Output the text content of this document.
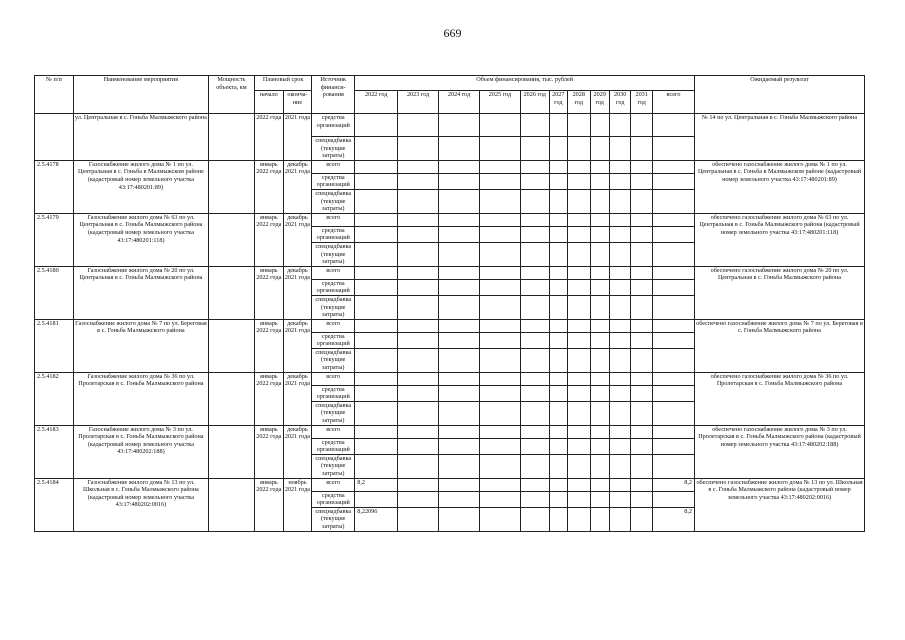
669
№ п/п	Наименование мероприятия	Мощность объекта, км	Плановый срок		Источник финанси- рования	Объем финансирования, тыс. рублей											Ожидаемый результат
			начало	оконча- ние		2022 год	2023 год	2024 год	2025 год	2026 год	2027 год	2028 год	2029 год	2030 год	2031 год	всего	
	ул. Центральная в с. Гоньба Малмыжского района		2022 года	2021 года	средства организаций												№ 14 по ул. Центральная в с. Гоньба Малмыжского района
					спецнадбавка (текущие затраты)												
2.5.4178	Газоснабжение жилого дома № 1 по ул. Центральная в с. Гоньба в Малмыжском районе (кадастровый номер земельного участка 43:17:480201:89)		январь 2022 года	декабрь 2021 года	всего												обеспечено газоснабжение жилого дома № 1 по ул. Центральная в с. Гоньба в Малмыжском районе (кадастровый номер земельного участка 43:17:480201:89)
					средства организаций												
					спецнадбавка (текущие затраты)												
2.5.4179	Газоснабжение жилого дома № 63 по ул. Центральная в с. Гоньба Малмыжского района (кадастровый номер земельного участка 43:17:480201:118)		январь 2022 года	декабрь 2021 года	всего												обеспечено газоснабжение жилого дома № 63 по ул. Центральная в с. Гоньба Малмыжского района (кадастровый номер земельного участка 43:17:480201:118)
					средства организаций												
					спецнадбавка (текущие затраты)												
2.5.4180	Газоснабжение жилого дома № 20 по ул. Центральная в с. Гоньба Малмыжского района		январь 2022 года	декабрь 2021 года	всего												обеспечено газоснабжение жилого дома № 20 по ул. Центральная в с. Гоньба Малмыжского района
					средства организаций												
					спецнадбавка (текущие затраты)												
2.5.4181	Газоснабжение жилого дома № 7 по ул. Береговая в с. Гоньба Малмыжского района		январь 2022 года	декабрь 2021 года	всего												обеспечено газоснабжение жилого дома № 7 по ул. Береговая в с. Гоньба Малмыжского района
					средства организаций												
					спецнадбавка (текущие затраты)												
2.5.4182	Газоснабжение жилого дома № 36 по ул. Пролетарская в с. Гоньба Малмыжского района		январь 2022 года	декабрь 2021 года	всего												обеспечено газоснабжение жилого дома № 36 по ул. Пролетарская в с. Гоньба Малмыжского района
					средства организаций												
					спецнадбавка (текущие затраты)												
2.5.4183	Газоснабжение жилого дома № 3 по ул. Пролетарская в с. Гоньба Малмыжского района (кадастровый номер земельного участка 43:17:480202:188)		январь 2022 года	декабрь 2021 года	всего												обеспечено газоснабжение жилого дома № 3 по ул. Пролетарская в с. Гоньба Малмыжского района (кадастровый номер земельного участка 43:17:480202:188)
					средства организаций												
					спецнадбавка (текущие затраты)												
2.5.4184	Газоснабжение жилого дома № 13 по ул. Школьная в с. Гоньба Малмыжского района (кадастровый номер земельного участка 43:17:480202:0016)		январь 2022 года	ноябрь 2021 года	всего	8,2										8,2	обеспечено газоснабжение жилого дома № 13 по ул. Школьная в с. Гоньба Малмыжского района (кадастровый номер земельного участка 43:17:480202:0016)
					средства организаций												
					спецнадбавка (текущие затраты)	8,22096										8,2	
